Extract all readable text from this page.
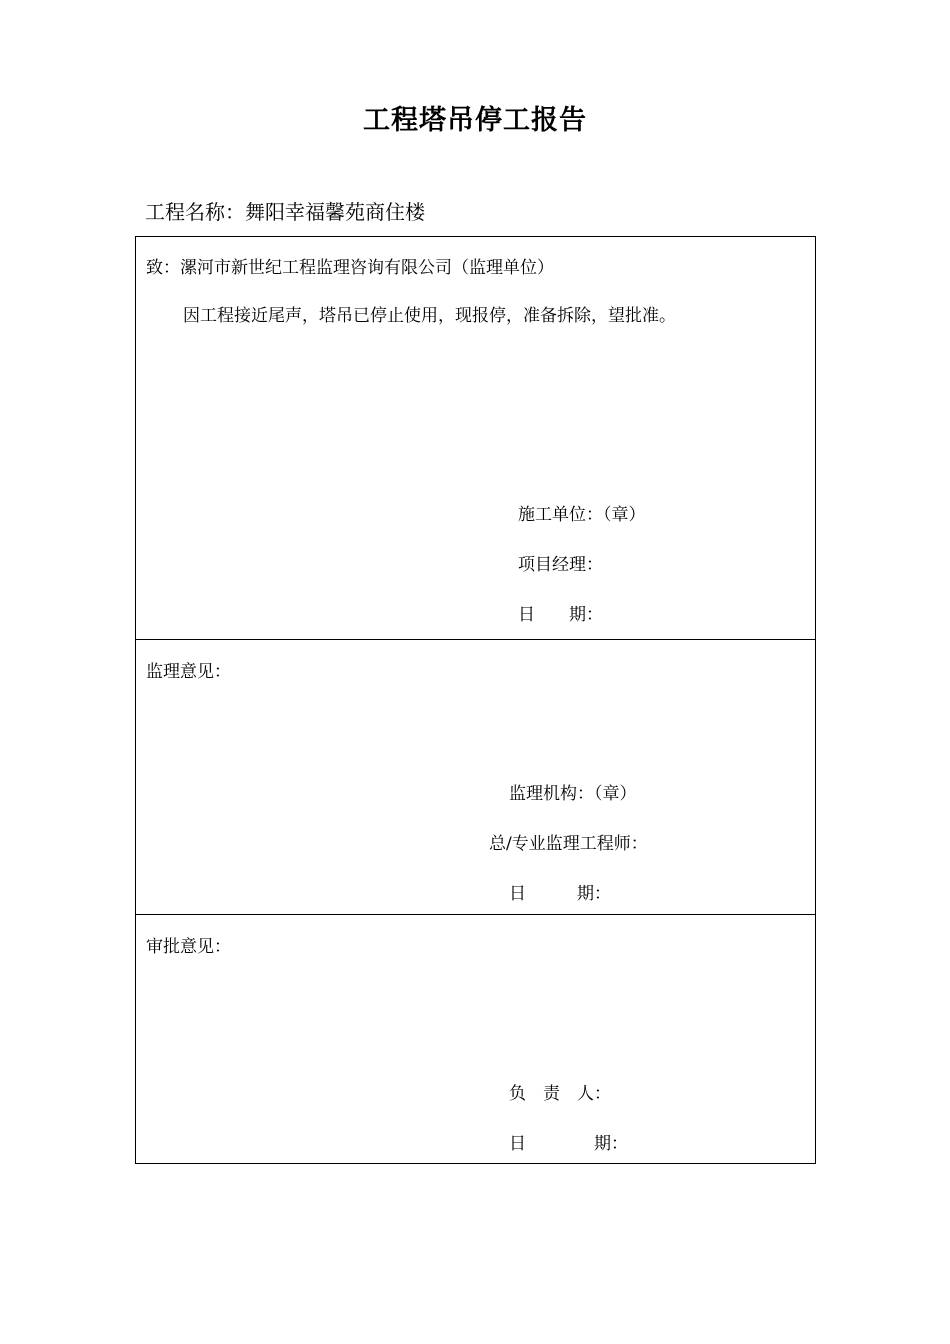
工程塔吊停工报告
工程名称：舞阳幸福馨苑商住楼
致：漯河市新世纪工程监理咨询有限公司（监理单位）
因工程接近尾声，塔吊已停止使用，现报停，准备拆除，望批准。
施工单位：（章）
项目经理：
日　　期：
监理意见：
监理机构：（章）
总/专业监理工程师：
日　　　期：
审批意见：
负　责　人：
日　　　　期：
